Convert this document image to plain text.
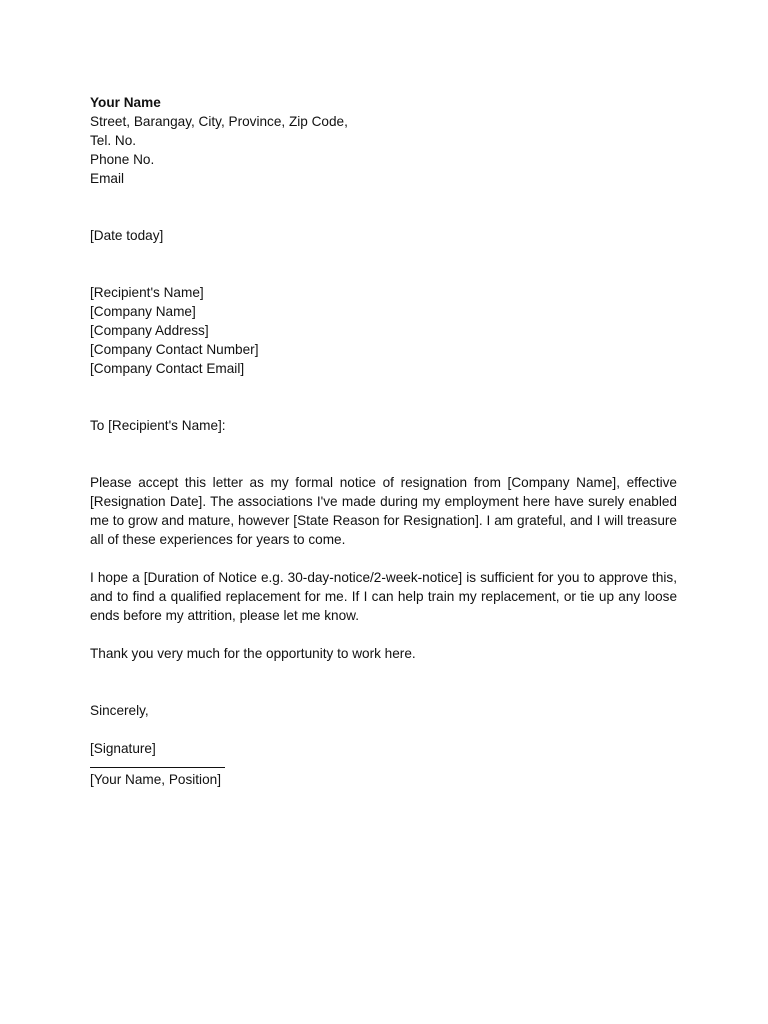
Your Name
Street, Barangay, City, Province, Zip Code,
Tel. No.
Phone No.
Email
[Date today]
[Recipient's Name]
[Company Name]
[Company Address]
[Company Contact Number]
[Company Contact Email]
To [Recipient's Name]:

Please accept this letter as my formal notice of resignation from [Company Name], effective [Resignation Date]. The associations I've made during my employment here have surely enabled me to grow and mature, however [State Reason for Resignation]. I am grateful, and I will treasure all of these experiences for years to come.

I hope a [Duration of Notice e.g. 30-day-notice/2-week-notice] is sufficient for you to approve this, and to find a qualified replacement for me. If I can help train my replacement, or tie up any loose ends before my attrition, please let me know.

Thank you very much for the opportunity to work here.

Sincerely,
[Signature]
[Your Name, Position]
